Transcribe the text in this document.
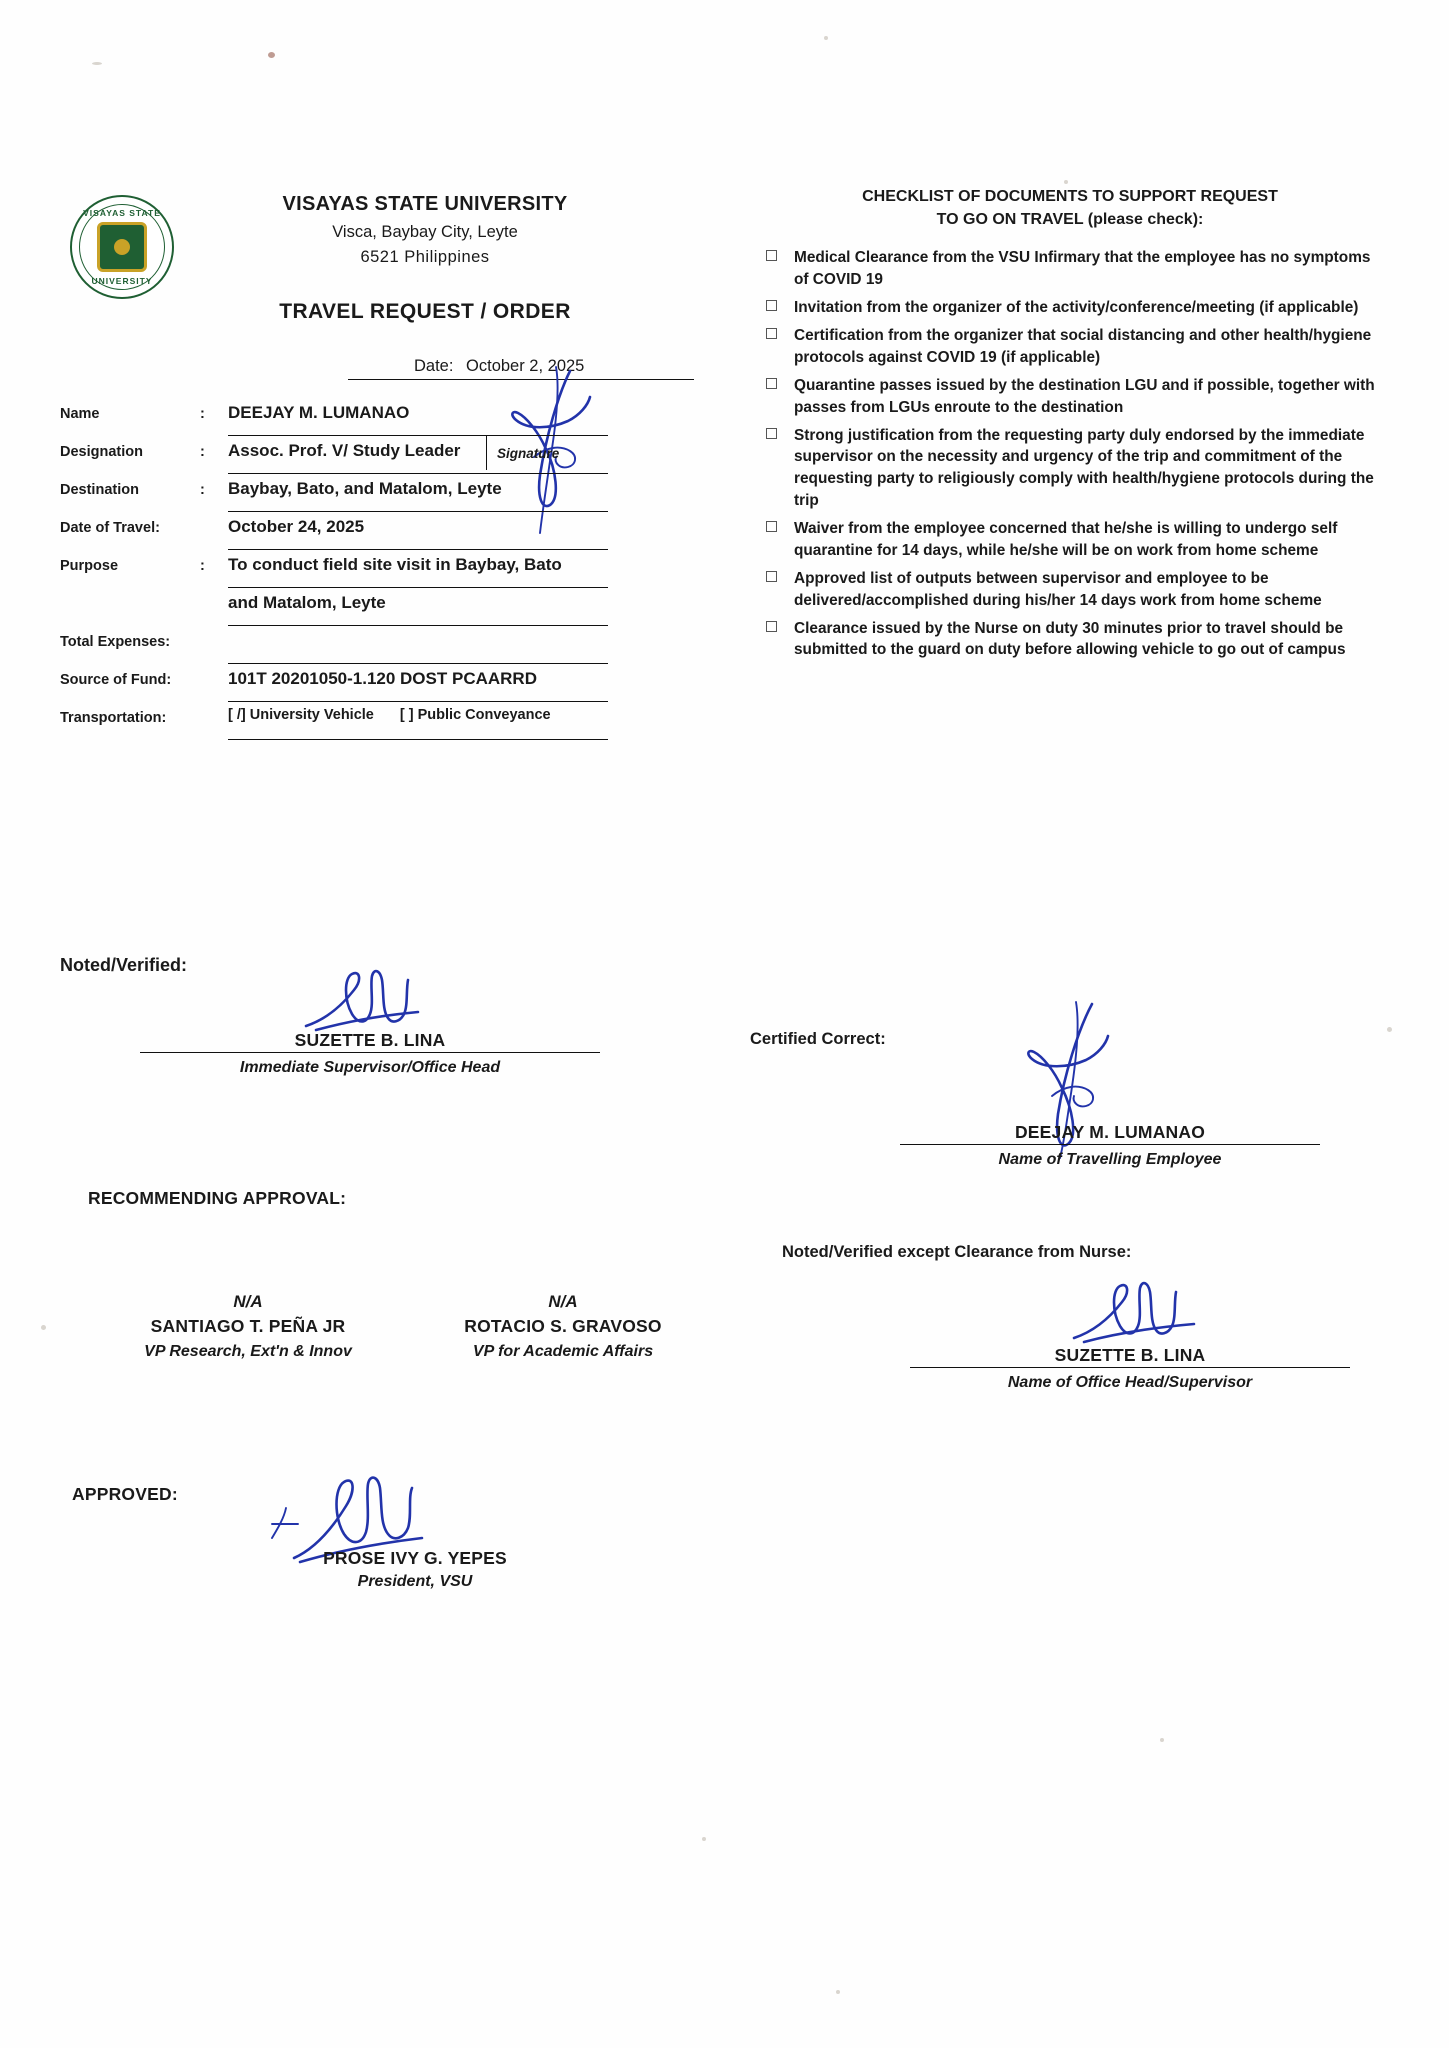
VISAYAS STATE
UNIVERSITY
VISAYAS STATE UNIVERSITY
Visca, Baybay City, Leyte
6521 Philippines
TRAVEL REQUEST / ORDER
Date: October 2, 2025
Name	: DEEJAY M. LUMANAO
Designation	: Assoc. Prof. V/ Study Leader	Signature
Destination	: Baybay, Bato, and Matalom, Leyte
Date of Travel:	October 24, 2025
Purpose	: To conduct field site visit in Baybay, Bato
and Matalom, Leyte
Total Expenses:
Source of Fund:	101T 20201050-1.120 DOST PCAARRD
Transportation:	[ /] University Vehicle [ ] Public Conveyance
Noted/Verified:
SUZETTE B. LINA
Immediate Supervisor/Office Head
RECOMMENDING APPROVAL:
N/A
SANTIAGO T. PEÑA JR
VP Research, Ext'n & Innov
N/A
ROTACIO S. GRAVOSO
VP for Academic Affairs
APPROVED:
PROSE IVY G. YEPES
President, VSU
CHECKLIST OF DOCUMENTS TO SUPPORT REQUEST
TO GO ON TRAVEL (please check):
Medical Clearance from the VSU Infirmary that the employee has no symptoms of COVID 19
Invitation from the organizer of the activity/conference/meeting (if applicable)
Certification from the organizer that social distancing and other health/hygiene protocols against COVID 19 (if applicable)
Quarantine passes issued by the destination LGU and if possible, together with passes from LGUs enroute to the destination
Strong justification from the requesting party duly endorsed by the immediate supervisor on the necessity and urgency of the trip and commitment of the requesting party to religiously comply with health/hygiene protocols during the trip
Waiver from the employee concerned that he/she is willing to undergo self quarantine for 14 days, while he/she will be on work from home scheme
Approved list of outputs between supervisor and employee to be delivered/accomplished during his/her 14 days work from home scheme
Clearance issued by the Nurse on duty 30 minutes prior to travel should be submitted to the guard on duty before allowing vehicle to go out of campus
Certified Correct:
DEEJAY M. LUMANAO
Name of Travelling Employee
Noted/Verified except Clearance from Nurse:
SUZETTE B. LINA
Name of Office Head/Supervisor
